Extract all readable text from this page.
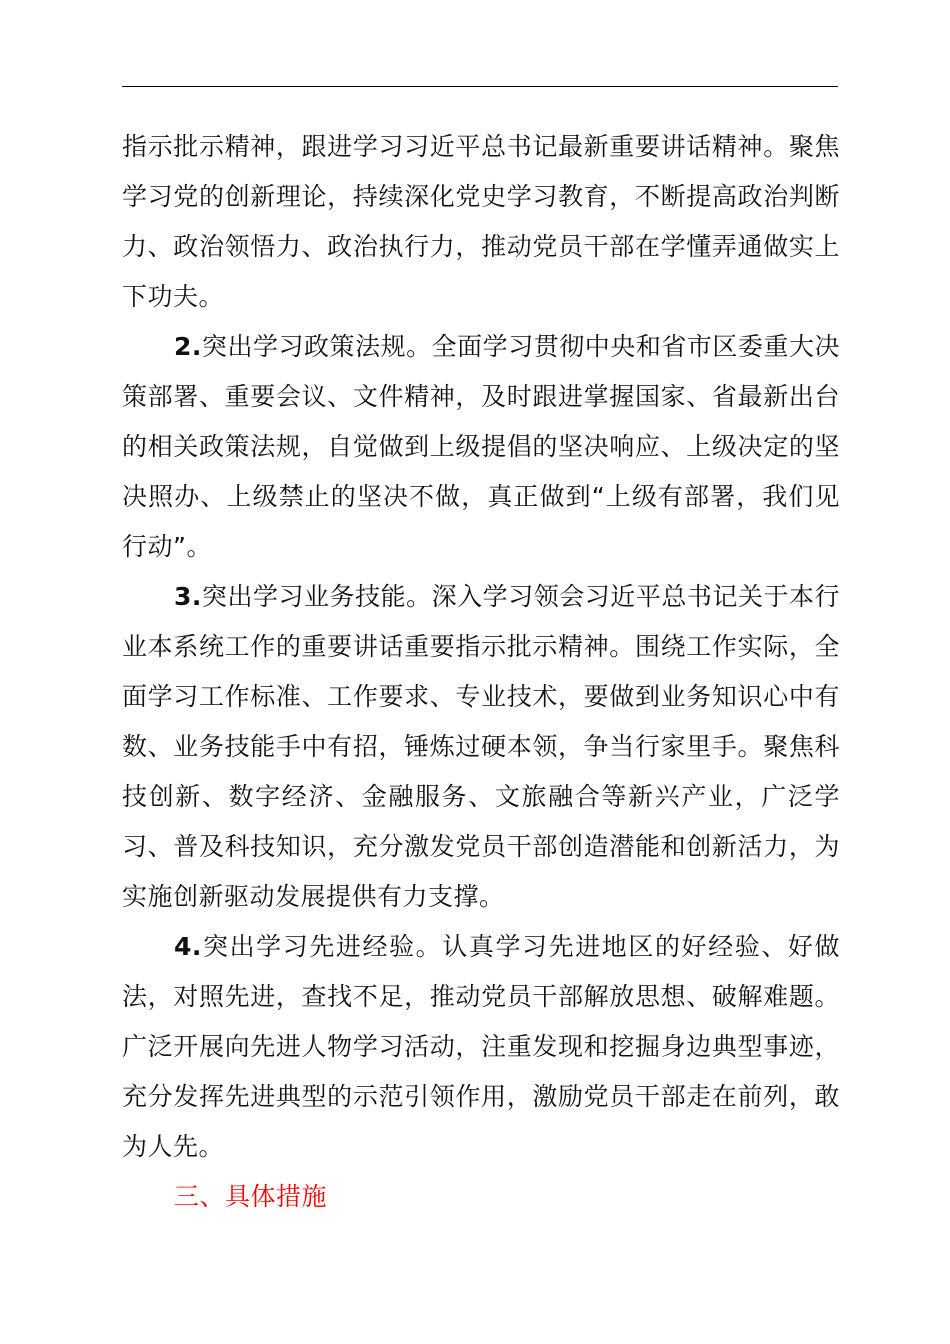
指示批示精神，跟进学习习近平总书记最新重要讲话精神。聚焦学习党的创新理论，持续深化党史学习教育，不断提高政治判断力、政治领悟力、政治执行力，推动党员干部在学懂弄通做实上下功夫。

2.突出学习政策法规。全面学习贯彻中央和省市区委重大决策部署、重要会议、文件精神，及时跟进掌握国家、省最新出台的相关政策法规，自觉做到上级提倡的坚决响应、上级决定的坚决照办、上级禁止的坚决不做，真正做到“上级有部署，我们见行动”。

3.突出学习业务技能。深入学习领会习近平总书记关于本行业本系统工作的重要讲话重要指示批示精神。围绕工作实际，全面学习工作标准、工作要求、专业技术，要做到业务知识心中有数、业务技能手中有招，锤炼过硬本领，争当行家里手。聚焦科技创新、数字经济、金融服务、文旅融合等新兴产业，广泛学习、普及科技知识，充分激发党员干部创造潜能和创新活力，为实施创新驱动发展提供有力支撑。

4.突出学习先进经验。认真学习先进地区的好经验、好做法，对照先进，查找不足，推动党员干部解放思想、破解难题。广泛开展向先进人物学习活动，注重发现和挖掘身边典型事迹，充分发挥先进典型的示范引领作用，激励党员干部走在前列，敢为人先。

三、具体措施
